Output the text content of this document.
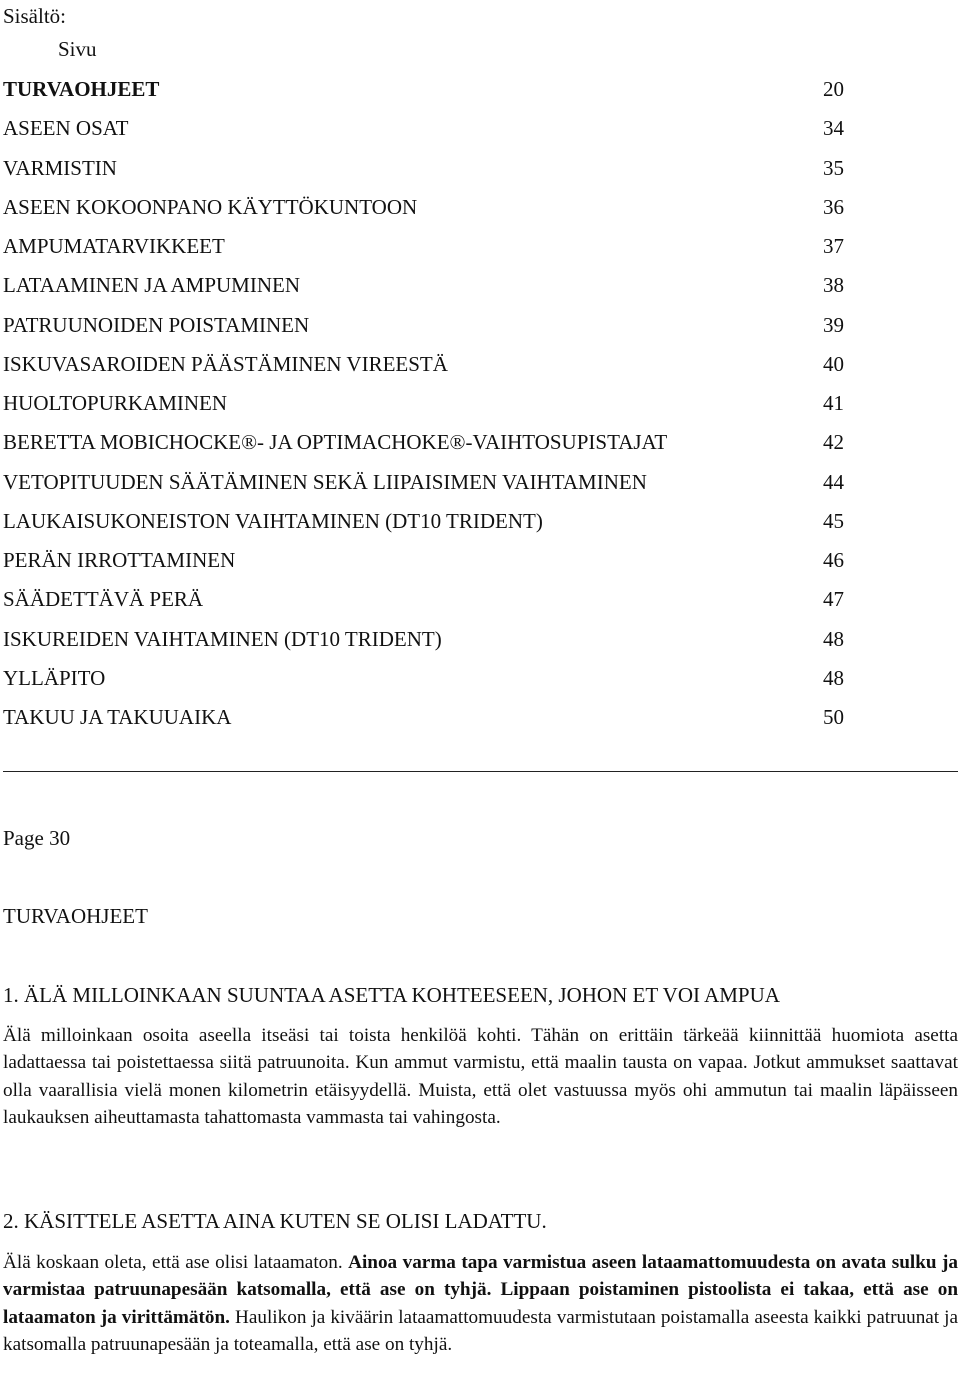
Sisältö:

Sivu

TURVAOHJEET	20
ASEEN OSAT	34
VARMISTIN	35
ASEEN KOKOONPANO KÄYTTÖKUNTOON	36
AMPUMATARVIKKEET	37
LATAAMINEN JA AMPUMINEN	38
PATRUUNOIDEN POISTAMINEN	39
ISKUVASAROIDEN PÄÄSTÄMINEN VIREESTÄ	40
HUOLTOPURKAMINEN	41
BERETTA MOBICHOCKE®- JA OPTIMACHOKE®-VAIHTOSUPISTAJAT	42
VETOPITUUDEN SÄÄTÄMINEN SEKÄ LIIPAISIMEN VAIHTAMINEN	44
LAUKAISUKONEISTON VAIHTAMINEN (DT10 TRIDENT)	45
PERÄN IRROTTAMINEN	46
SÄÄDETTÄVÄ PERÄ	47
ISKUREIDEN VAIHTAMINEN (DT10 TRIDENT)	48
YLLÄPITO	48
TAKUU JA TAKUUAIKA	50

Page 30

TURVAOHJEET

1. ÄLÄ MILLOINKAAN SUUNTAA ASETTA KOHTEESEEN, JOHON ET VOI AMPUA

Älä milloinkaan osoita aseella itseäsi tai toista henkilöä kohti. Tähän on erittäin tärkeää kiinnittää huomiota asetta ladattaessa tai poistettaessa siitä patruunoita. Kun ammut varmistu, että maalin tausta on vapaa. Jotkut ammukset saattavat olla vaarallisia vielä monen kilometrin etäisyydellä. Muista, että olet vastuussa myös ohi ammutun tai maalin läpäisseen laukauksen aiheuttamasta tahattomasta vammasta tai vahingosta.

2. KÄSITTELE ASETTA AINA KUTEN SE OLISI LADATTU.

Älä koskaan oleta, että ase olisi lataamaton. Ainoa varma tapa varmistua aseen lataamattomuudesta on avata sulku ja varmistaa patruunapesään katsomalla, että ase on tyhjä. Lippaan poistaminen pistoolista ei takaa, että ase on lataamaton ja virittämätön. Haulikon ja kiväärin lataamattomuudesta varmistutaan poistamalla aseesta kaikki patruunat ja katsomalla patruunapesään ja toteamalla, että ase on tyhjä.
